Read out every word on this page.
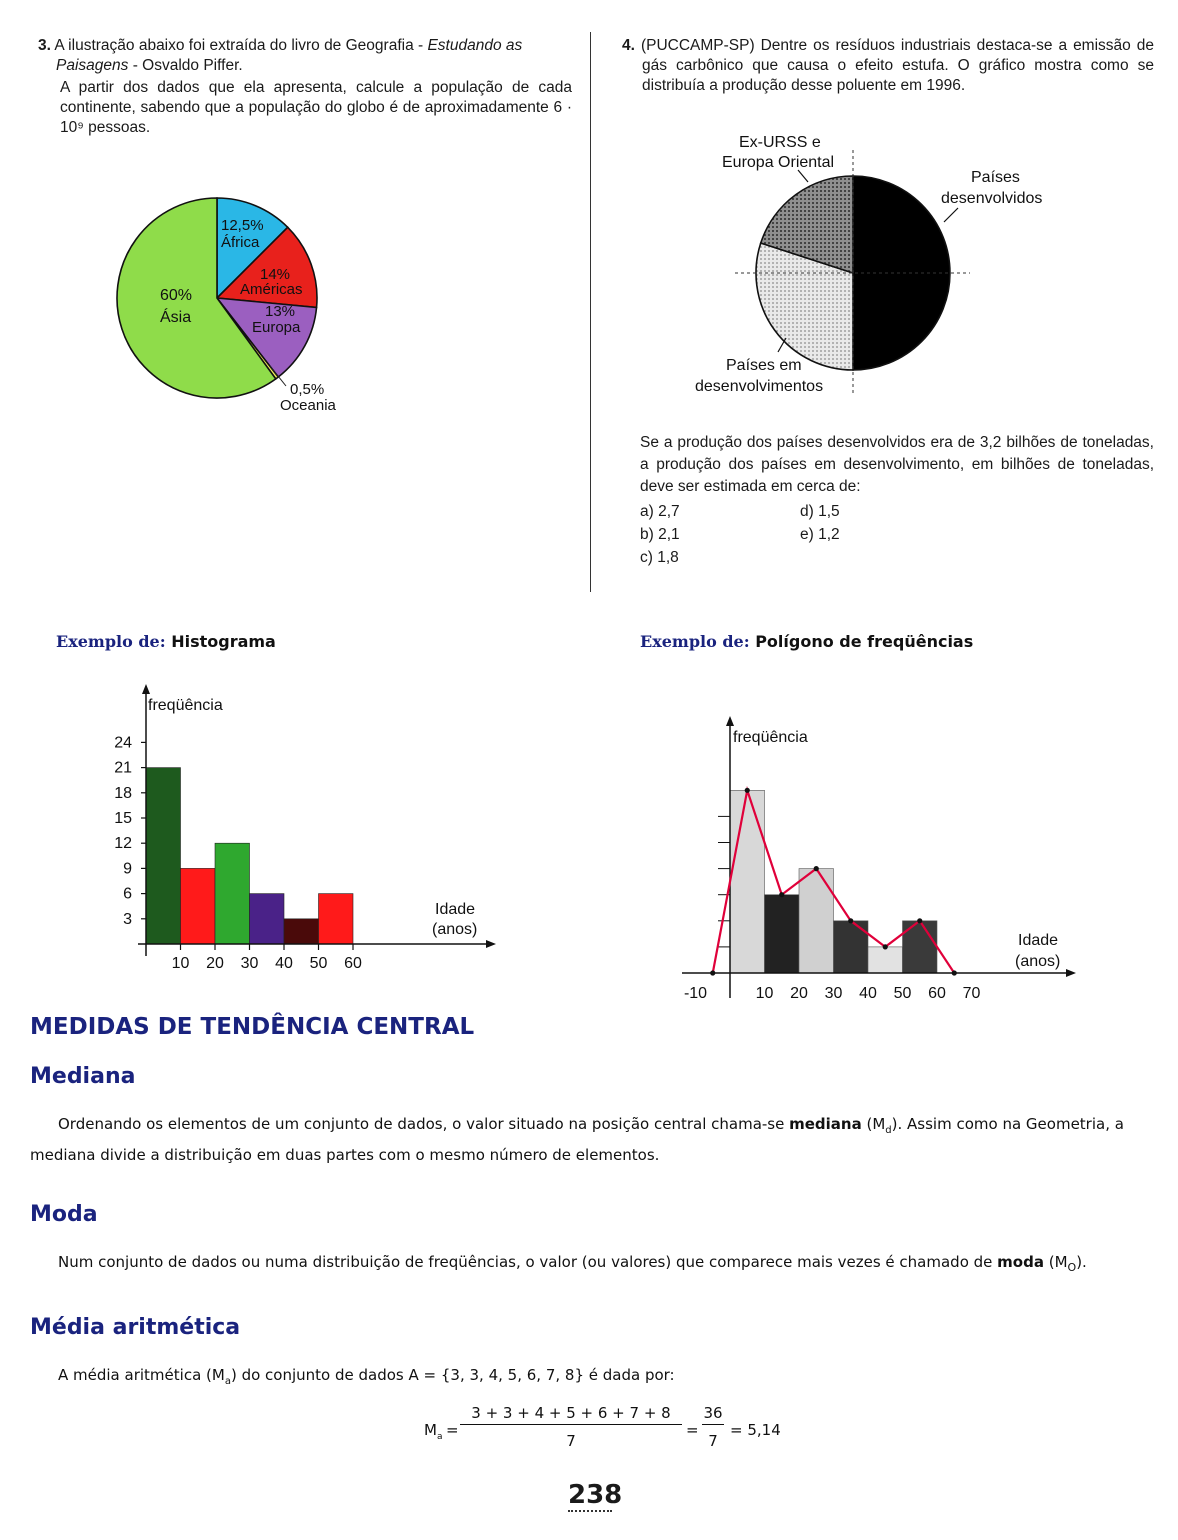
3. A ilustração abaixo foi extraída do livro de Geografia - Estudando as Paisagens - Osvaldo Piffer.

A partir dos dados que ela apresenta, calcule a população de cada continente, sabendo que a população do globo é de aproximadamente 6 · 10⁹ pessoas.

12,5%
África
14%
Américas
13%
Europa
60%
Ásia
0,5%
Oceania

4. (PUCCAMP-SP) Dentre os resíduos industriais destaca-se a emissão de gás carbônico que causa o efeito estufa. O gráfico mostra como se distribuía a produção desse poluente em 1996.

Ex-URSS e
Europa Oriental
Países
desenvolvidos
Países em
desenvolvimentos

Se a produção dos países desenvolvidos era de 3,2 bilhões de toneladas, a produção dos países em desenvolvimento, em bilhões de toneladas, deve ser estimada em cerca de:

a) 2,7
b) 2,1
c) 1,8
d) 1,5
e) 1,2
Exemplo de: Histograma	Exemplo de: Polígono de freqüências
3
6
9
12
15
18
21
24
10 20 30 40 50 60
freqüência
Idade
(anos)
-10	10 20 30 40 50 60 70
freqüência
Idade
(anos)
MEDIDAS DE TENDÊNCIA CENTRAL
Mediana
Ordenando os elementos de um conjunto de dados, o valor situado na posição central chama-se mediana $(M_d)$. Assim como na Geometria, a mediana divide a distribuição em duas partes com o mesmo número de elementos.
Moda
Num conjunto de dados ou numa distribuição de freqüências, o valor (ou valores) que comparece mais vezes é chamado de moda $(M_O)$.
Média aritmética
A média aritmética $(M_a)$ do conjunto de dados A = {3, 3, 4, 5, 6, 7, 8} é dada por:
$M_a$ =
3 + 3 + 4 + 5 + 6 + 7 + 8
7
=
36
7
= 5,14
238
